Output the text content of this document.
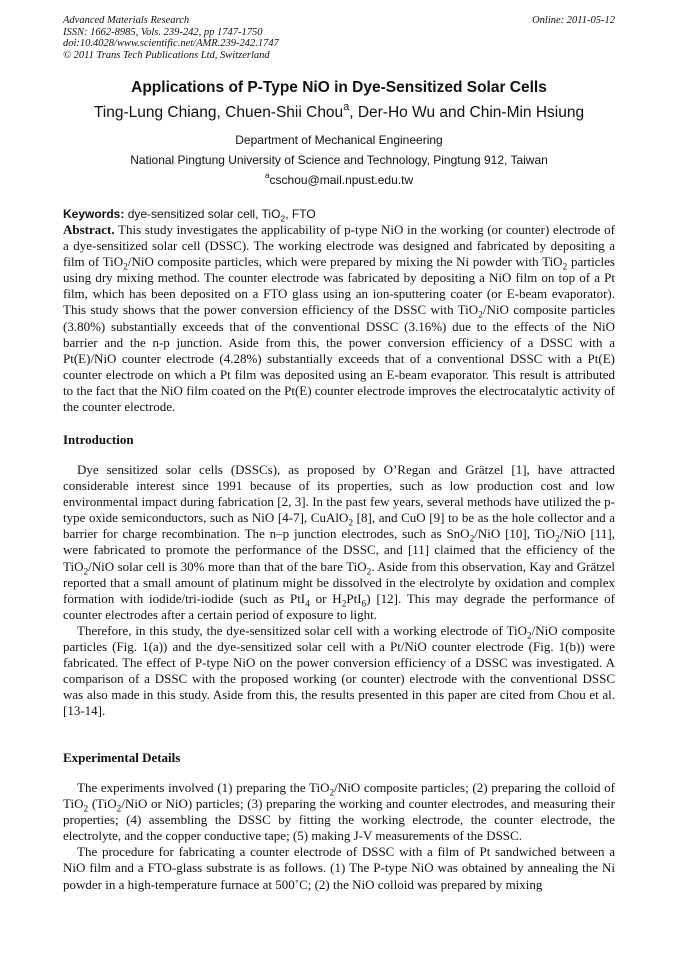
Advanced Materials Research
ISSN: 1662-8985, Vols. 239-242, pp 1747-1750
doi:10.4028/www.scientific.net/AMR.239-242.1747
© 2011 Trans Tech Publications Ltd, Switzerland
Online: 2011-05-12
Applications of P-Type NiO in Dye-Sensitized Solar Cells
Ting-Lung Chiang, Chuen-Shii Chou$^a$, Der-Ho Wu and Chin-Min Hsiung
Department of Mechanical Engineering
National Pingtung University of Science and Technology, Pingtung 912, Taiwan
$^a$cschou@mail.npust.edu.tw
Keywords: dye-sensitized solar cell, TiO$_2$, FTO

Abstract. This study investigates the applicability of p-type NiO in the working (or counter) electrode of a dye-sensitized solar cell (DSSC). The working electrode was designed and fabricated by depositing a film of TiO$_2$/NiO composite particles, which were prepared by mixing the Ni powder with TiO$_2$ particles using dry mixing method. The counter electrode was fabricated by depositing a NiO film on top of a Pt film, which has been deposited on a FTO glass using an ion-sputtering coater (or E-beam evaporator). This study shows that the power conversion efficiency of the DSSC with TiO$_2$/NiO composite particles (3.80%) substantially exceeds that of the conventional DSSC (3.16%) due to the effects of the NiO barrier and the n-p junction. Aside from this, the power conversion efficiency of a DSSC with a Pt(E)/NiO counter electrode (4.28%) substantially exceeds that of a conventional DSSC with a Pt(E) counter electrode on which a Pt film was deposited using an E-beam evaporator. This result is attributed to the fact that the NiO film coated on the Pt(E) counter electrode improves the electrocatalytic activity of the counter electrode.

Introduction

Dye sensitized solar cells (DSSCs), as proposed by O’Regan and Grätzel [1], have attracted considerable interest since 1991 because of its properties, such as low production cost and low environmental impact during fabrication [2, 3]. In the past few years, several methods have utilized the p-type oxide semiconductors, such as NiO [4-7], CuAlO$_2$ [8], and CuO [9] to be as the hole collector and a barrier for charge recombination. The n–p junction electrodes, such as SnO$_2$/NiO [10], TiO$_2$/NiO [11], were fabricated to promote the performance of the DSSC, and [11] claimed that the efficiency of the TiO$_2$/NiO solar cell is 30% more than that of the bare TiO$_2$. Aside from this observation, Kay and Grätzel reported that a small amount of platinum might be dissolved in the electrolyte by oxidation and complex formation with iodide/tri-iodide (such as PtI$_4$ or $H_2PtI_6$) [12]. This may degrade the performance of counter electrodes after a certain period of exposure to light.

Therefore, in this study, the dye-sensitized solar cell with a working electrode of TiO$_2$/NiO composite particles (Fig. 1(a)) and the dye-sensitized solar cell with a Pt/NiO counter electrode (Fig. 1(b)) were fabricated. The effect of P-type NiO on the power conversion efficiency of a DSSC was investigated. A comparison of a DSSC with the proposed working (or counter) electrode with the conventional DSSC was also made in this study. Aside from this, the results presented in this paper are cited from Chou et al. [13-14].

Experimental Details

The experiments involved (1) preparing the TiO$_2$/NiO composite particles; (2) preparing the colloid of TiO$_2$ (TiO$_2$/NiO or NiO) particles; (3) preparing the working and counter electrodes, and measuring their properties; (4) assembling the DSSC by fitting the working electrode, the counter electrode, the electrolyte, and the copper conductive tape; (5) making J-V measurements of the DSSC.

The procedure for fabricating a counter electrode of DSSC with a film of Pt sandwiched between a NiO film and a FTO-glass substrate is as follows. (1) The P-type NiO was obtained by annealing the Ni powder in a high-temperature furnace at 500˚C; (2) the NiO colloid was prepared by mixing
